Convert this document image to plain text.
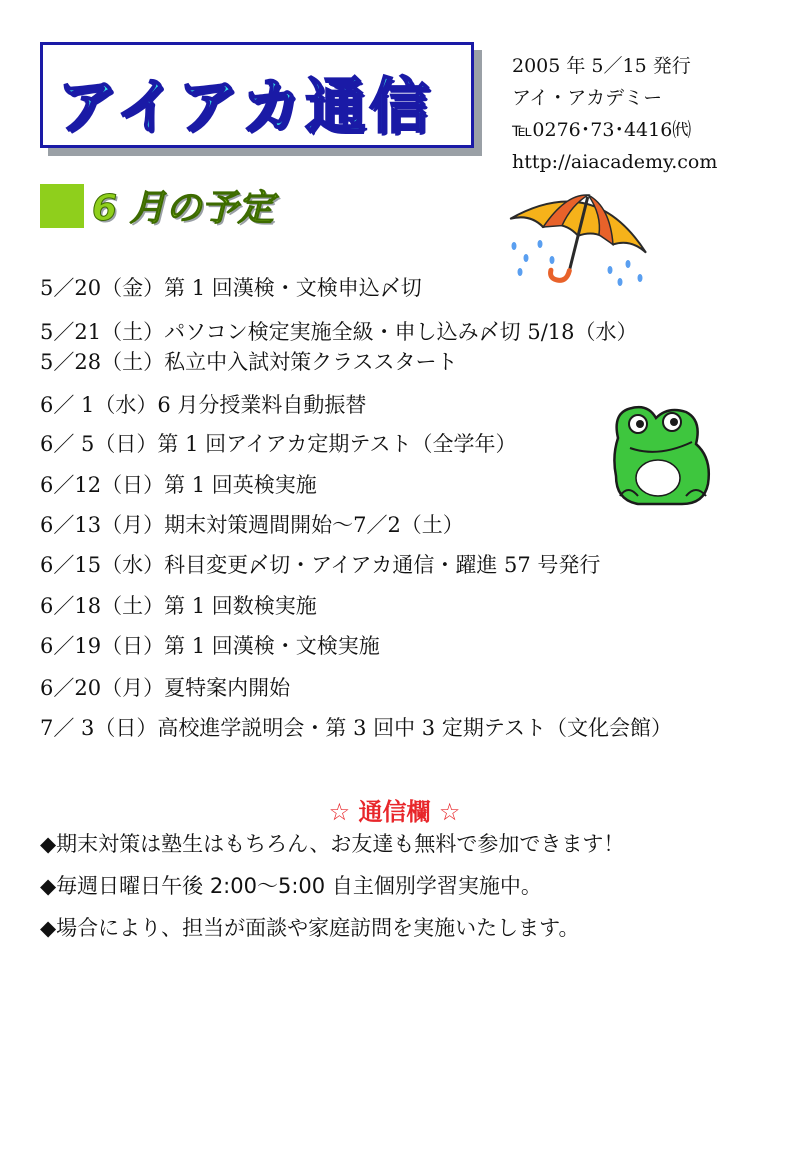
アイアカ通信
2005 年 5／15 発行
アイ・アカデミー
℡0276･73･4416㈹
http://aiacademy.com
6 月の予定
5／20（金）第 1 回漢検・文検申込〆切
5／21（土）パソコン検定実施全級・申し込み〆切 5/18（水）
5／28（土）私立中入試対策クラススタート
6／ 1（水）6 月分授業料自動振替
6／ 5（日）第 1 回アイアカ定期テスト（全学年）
6／12（日）第 1 回英検実施
6／13（月）期末対策週間開始～7／2（土）
6／15（水）科目変更〆切・アイアカ通信・躍進 57 号発行
6／18（土）第 1 回数検実施
6／19（日）第 1 回漢検・文検実施
6／20（月）夏特案内開始
7／ 3（日）高校進学説明会・第 3 回中 3 定期テスト（文化会館）
☆ 通信欄 ☆
◆期末対策は塾生はもちろん、お友達も無料で参加できます！
◆毎週日曜日午後 2:00～5:00 自主個別学習実施中。
◆場合により、担当が面談や家庭訪問を実施いたします。
